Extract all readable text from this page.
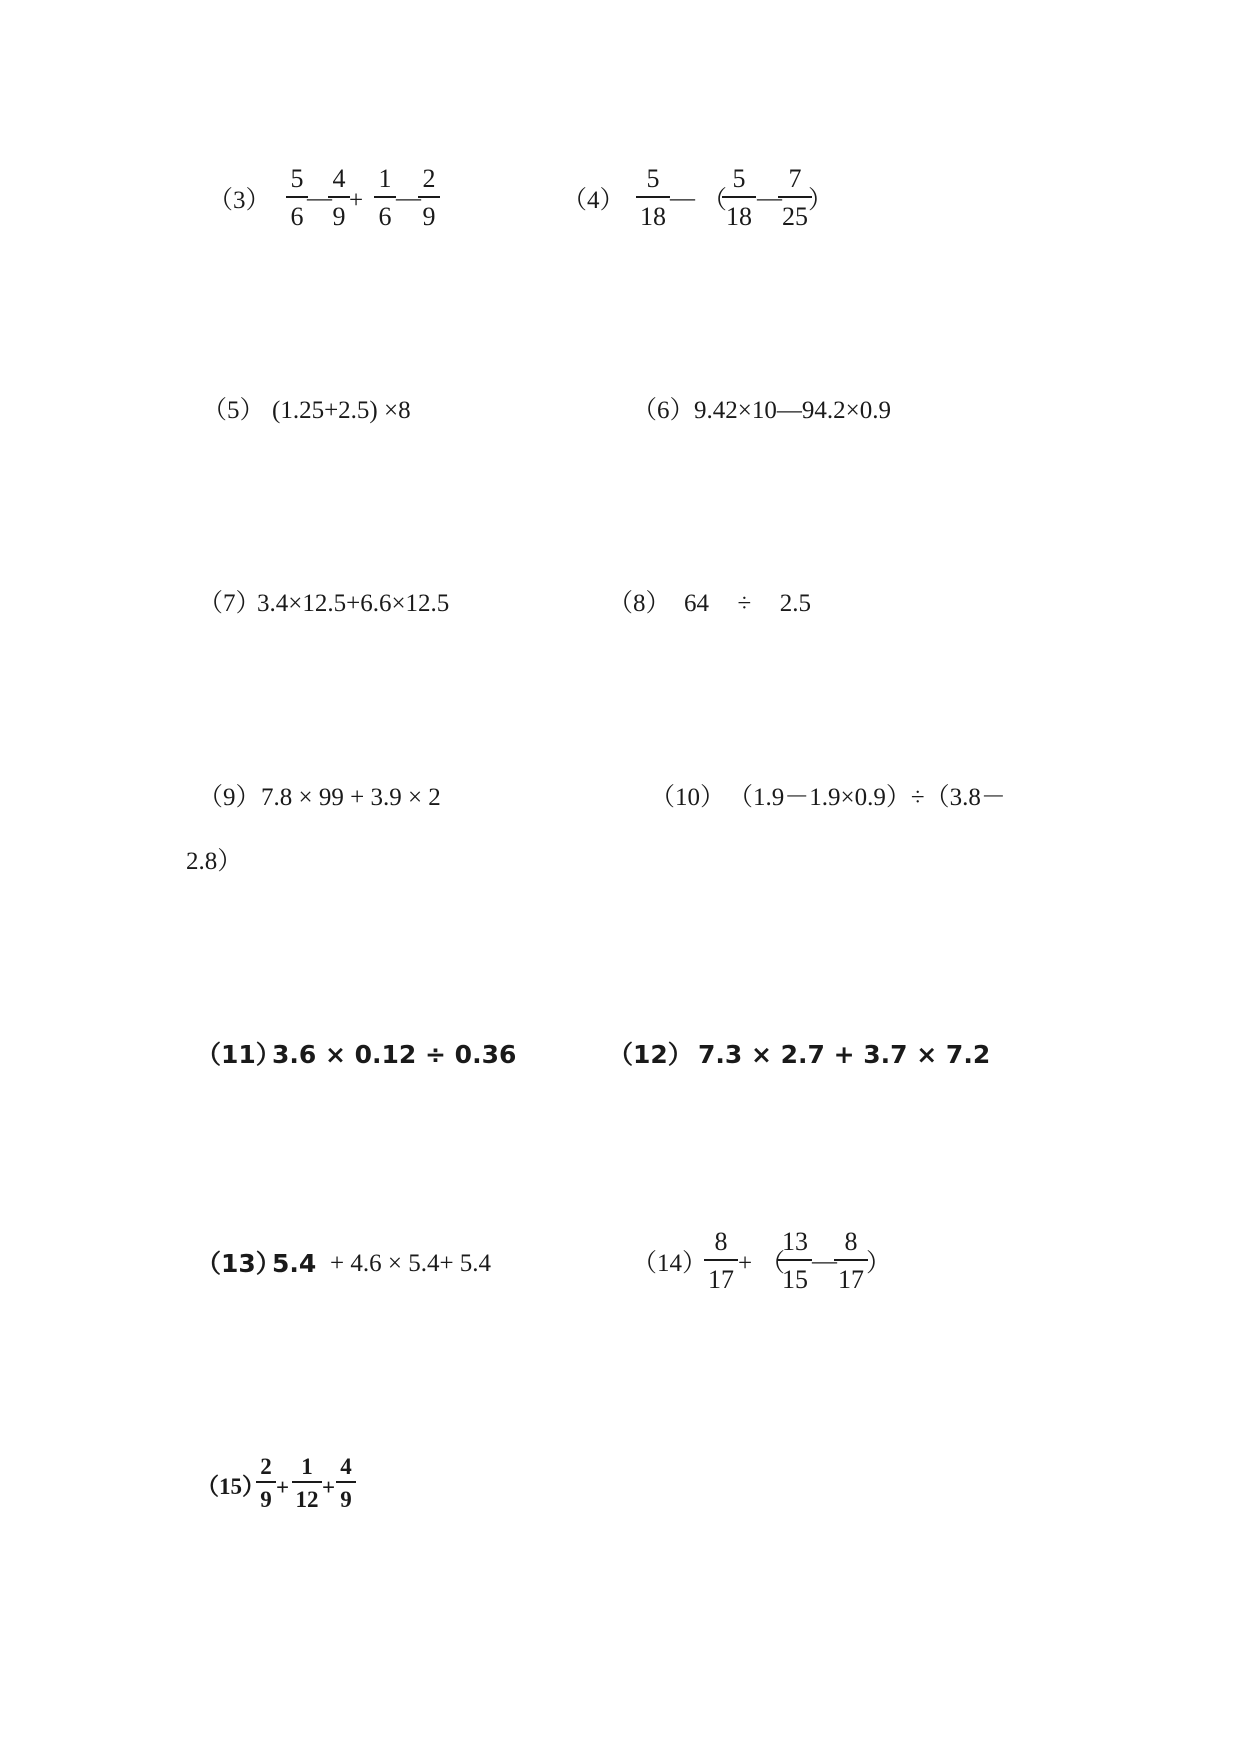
（3）
5
6
—
4
9
+
1
6
—
2
9
（4）
5
18
— （
5
18
—
7
25
）
（5） (1.25+2.5) ×8	（6） 9.42×10—94.2×0.9
（7）
3.4×12.5+6.6×12.5	（8） 64  ÷  2.5
（9） 7.8 × 99 + 3.9 × 2	（10） （1.9－1.9×0.9）÷（3.8－
2.8）
（11）
3.6 × 0.12 ÷ 0.36	（12） 7.3 × 2.7 + 3.7 × 7.2
（13）
5.4 + 4.6 × 5.4+ 5.4	（14）
8
17
+ （
13
15
—
8
17
）
（15）
2
9 +
1
12 +
4
9
